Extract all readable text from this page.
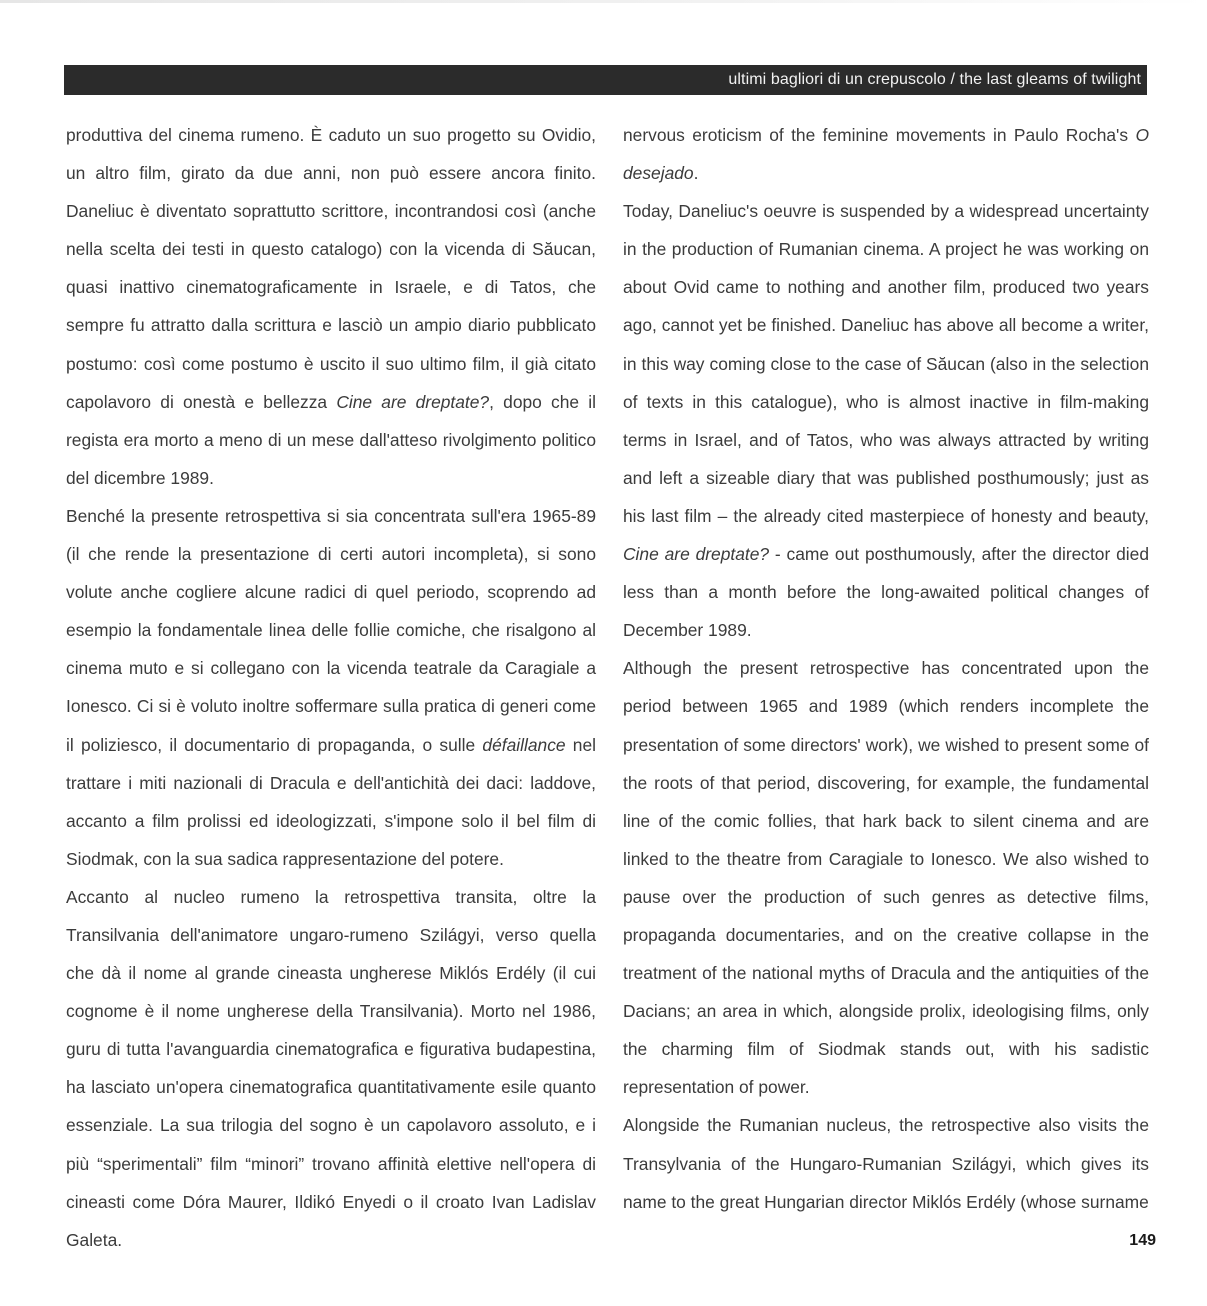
ultimi bagliori di un crepuscolo / the last gleams of twilight

produttiva del cinema rumeno. È caduto un suo progetto su Ovidio, un altro film, girato da due anni, non può essere ancora finito. Daneliuc è diventato soprattutto scrittore, incontrandosi così (anche nella scelta dei testi in questo catalogo) con la vicenda di Săucan, quasi inattivo cinematograficamente in Israele, e di Tatos, che sempre fu attratto dalla scrittura e lasciò un ampio diario pubblicato postumo: così come postumo è uscito il suo ultimo film, il già citato capolavoro di onestà e bellezza Cine are dreptate?, dopo che il regista era morto a meno di un mese dall'atteso rivolgimento politico del dicembre 1989.

Benché la presente retrospettiva si sia concentrata sull'era 1965-89 (il che rende la presentazione di certi autori incompleta), si sono volute anche cogliere alcune radici di quel periodo, scoprendo ad esempio la fondamentale linea delle follie comiche, che risalgono al cinema muto e si collegano con la vicenda teatrale da Caragiale a Ionesco. Ci si è voluto inoltre soffermare sulla pratica di generi come il poliziesco, il documentario di propaganda, o sulle défaillance nel trattare i miti nazionali di Dracula e dell'antichità dei daci: laddove, accanto a film prolissi ed ideologizzati, s'impone solo il bel film di Siodmak, con la sua sadica rappresentazione del potere.

Accanto al nucleo rumeno la retrospettiva transita, oltre la Transilvania dell'animatore ungaro-rumeno Szilágyi, verso quella che dà il nome al grande cineasta ungherese Miklós Erdély (il cui cognome è il nome ungherese della Transilvania). Morto nel 1986, guru di tutta l'avanguardia cinematografica e figurativa budapestina, ha lasciato un'opera cinematografica quantitativamente esile quanto essenziale. La sua trilogia del sogno è un capolavoro assoluto, e i più “sperimentali” film “minori” trovano affinità elettive nell'opera di cineasti come Dóra Maurer, Ildikó Enyedi o il croato Ivan Ladislav Galeta.

nervous eroticism of the feminine movements in Paulo Rocha's O desejado.

Today, Daneliuc's oeuvre is suspended by a widespread uncertainty in the production of Rumanian cinema. A project he was working on about Ovid came to nothing and another film, produced two years ago, cannot yet be finished. Daneliuc has above all become a writer, in this way coming close to the case of Săucan (also in the selection of texts in this catalogue), who is almost inactive in film-making terms in Israel, and of Tatos, who was always attracted by writing and left a sizeable diary that was published posthumously; just as his last film – the already cited masterpiece of honesty and beauty, Cine are dreptate? - came out posthumously, after the director died less than a month before the long-awaited political changes of December 1989.

Although the present retrospective has concentrated upon the period between 1965 and 1989 (which renders incomplete the presentation of some directors' work), we wished to present some of the roots of that period, discovering, for example, the fundamental line of the comic follies, that hark back to silent cinema and are linked to the theatre from Caragiale to Ionesco. We also wished to pause over the production of such genres as detective films, propaganda documentaries, and on the creative collapse in the treatment of the national myths of Dracula and the antiquities of the Dacians; an area in which, alongside prolix, ideologising films, only the charming film of Siodmak stands out, with his sadistic representation of power.

Alongside the Rumanian nucleus, the retrospective also visits the Transylvania of the Hungaro-Rumanian Szilágyi, which gives its name to the great Hungarian director Miklós Erdély (whose surname

149
